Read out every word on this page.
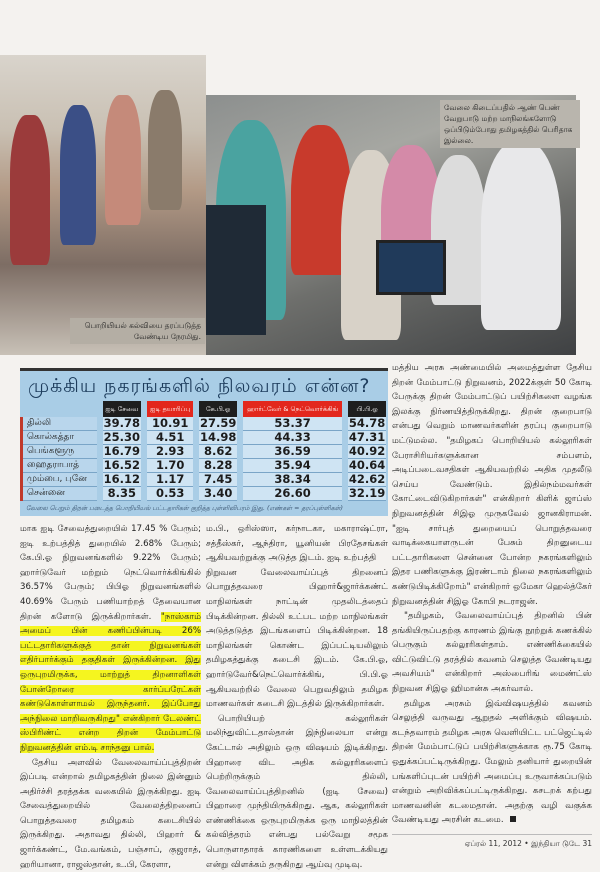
பொறியியல் கல்வியை தரப்படுத்த வேண்டிய நேரமிது.
வேலை கிடைப்பதில் ஆண் பெண் வேறுபாடு மற்ற மாநிலங்களோடு ஒப்பிடும்போது தமிழகத்தில் பெரிதாக இல்லை.
முக்கிய நகரங்களில் நிலவரம் என்ன?
	ஐடி சேவை	ஐடி தயாரிப்பு	கே.பி.ஓ	ஹார்ட்வேர் & நெட்வொர்க்கிங்	பி.பி.ஓ
தில்லி	39.78	10.91	27.59	53.37	54.78
கொல்கத்தா	25.30	4.51	14.98	44.33	47.31
பெங்களூரு	16.79	2.93	8.62	36.59	40.92
ஹைதராபாத்	16.52	1.70	8.28	35.94	40.64
மும்பை, புனே	16.12	1.17	7.45	38.34	42.62
சென்னை	8.35	0.53	3.40	26.60	32.19
வேலை பெறும் திறன் படைத்த பொறியியல் பட்டதாரிகள் குறித்த புள்ளிவிபரம் இது. (எண்கள் = தரப்புள்ளிகள்)

மாக ஐடி சேவைத்துறையில் 17.45 % பேரும்; ஐடி உற்பத்தித் துறையில் 2.68% பேரும்; கே.பி.ஓ நிறுவனங்களில் 9.22% பேரும்; ஹார்டுவேர் மற்றும் நெட்வொர்க்கிங்கில் 36.57% பேரும்; பிபிஓ நிறுவனங்களில் 40.69% பேரும் பணியாற்றத் தேவையான திறன் களோடு இருக்கிறார்கள். "நாஸ்காம் அமைப் பின் கணிப்பின்படி 26% பட்டதாரிகளுக்குத் தான் நிறுவனங்கள் எதிர்பார்க்கும் தகுதிகள் இருக்கின்றன. இது ஒருபுறமிருக்க, மாற்றுத் திறனாளிகள் போன்றோரை கார்ப்பரேட்கள் கண்டுகொள்ளாமல் இருந்தனர். இப்போது அந்நிலை மாறிவருகிறது" என்கிறார் டேலண்ட் ஸ்பிரிண்ட் என்ற திறன் மேம்பாட்டு நிறுவனத்தின் எம்.டி சாந்தனு பால்.

தேசிய அளவில் வேலைவாய்ப்புத்திறன் இப்படி என்றால் தமிழகத்தின் நிலை இன்னும் அதிர்ச்சி தரத்தக்க வகையில் இருக்கிறது. ஐடி சேவைத்துறையில் வேலைத்திறனைப் பொறுத்தவரை தமிழகம் கடைசியில் இருக்கிறது. அதாவது தில்லி, பிஹார் & ஜார்க்கண்ட், மே.வங்கம், பஞ்சாப், குஜராத், ஹரியானா, ராஜஸ்தான், உ.பி, கேரளா,

ம.பி., ஒரிஸ்ஸா, கர்நாடகா, மகாராஷ்ட்ரா, சத்தீஸ்கர், ஆந்திரா, யூனியன் பிரதேசங்கள் ஆகியவற்றுக்கு அடுத்த இடம். ஐடி உற்பத்தி

நிறுவன வேலைவாய்ப்புத் திறனைப் பொறுத்தவரை பிஹார்&ஜார்க்கண்ட் மாநிலங்கள் நாட்டின் முதலிடத்தைப் பிடிக்கின்றன. தில்லி உட்பட மற்ற மாநிலங்கள் அடுத்தடுத்த இடங்களைப் பிடிக்கின்றன. 18 மாநிலங்கள் கொண்ட இப்பட்டியலிலும் தமிழகத்துக்கு கடைசி இடம். கே.பி.ஓ, ஹார்டுவேர்&நெட்வொர்க்கிங், பி.பி.ஓ ஆகியவற்றில் வேலை பெறுவதிலும் தமிழக மாணவர்கள் கடைசி இடத்தில் இருக்கிறார்கள்.

பொறியியற் கல்லூரிகள் மலிந்துவிட்டதால்தான் இந்நிலையா என்று கேட்டால் அதிலும் ஒரு விஷயம் இடிக்கிறது. பிஹாரை விட அதிக கல்லூரிகளைப் பெற்றிருக்கும் தில்லி, வேலைவாய்ப்புத்திறனில் (ஐடி சேவை) பிஹாரை முந்தியிருக்கிறது. ஆக, கல்லூரிகள் எண்ணிக்கை ஒருபுறமிருக்க ஒரு மாநிலத்தின் கல்வித்தரம் என்பது பல்வேறு சமூக பொருளாதாரக் காரணிகளை உள்ளடக்கியது என்று விளக்கம் தருகிறது ஆய்வு முடிவு.

மத்திய அரசு அண்மையில் அமைத்துள்ள தேசிய திறன் மேம்பாட்டு நிறுவனம், 2022க்குள் 50 கோடி பேருக்கு திறன் மேம்பாட்டுப் பயிற்சிகளை வழங்க இலக்கு நிர்ணயித்திருக்கிறது. திறன் குறைபாடு என்பது வெறும் மாணவர்களின் தரப்பு குறைபாடு மட்டுமல்ல. "தமிழகப் பொறியியல் கல்லூரிகள் பேராசிரியர்களுக்கான சம்பளம், அடிப்படைவசதிகள் ஆகியவற்றில் அதிக முதலீடு செய்ய வேண்டும். இதில்நம்மவர்கள் கோட்டைவிடுகிறார்கள்" என்கிறார் கிளிக் ஜாப்ஸ் நிறுவனத்தின் சிஇஓ முருகவேல் ஜானகிராமன். "ஐடி சார்புத் துறையைப் பொறுத்தவரை வாடிக்கையாளருடன் பேசும் திறனுடைய பட்டதாரிகளை சென்னை போன்ற நகரங்களிலும் இதர பணிகளுக்கு இரண்டாம் நிலை நகரங்களிலும் கண்டுபிடிக்கிறோம்" என்கிறார் ஒமேகா ஹெல்த்கேர் நிறுவனத்தின் சிஇஓ கோபி நடராஜன்.

"தமிழகம், வேலைவாய்ப்புத் திறனில் பின் தங்கியிருப்பதற்கு காரணம் இங்கு நூற்றுக் கணக்கில் பெருகும் கல்லூரிகள்தாம். எண்ணிக்கையில் விட்டுவிட்டு தரத்தில் கவனம் செலுத்த வேண்டியது அவசியம்" என்கிறார் அஸ்பைரிங் மைண்ட்ஸ் நிறுவன சிஇஓ ஹிமான்சு அகர்வால்.

தமிழக அரசும் இவ்விஷயத்தில் கவனம் செலுத்தி வருவது ஆறுதல் அளிக்கும் விஷயம். கடந்தவாரம் தமிழக அரசு வெளியிட்ட பட்ஜெட்டில் திறன் மேம்பாட்டுப் பயிற்சிகளுக்காக ரூ.75 கோடி ஒதுக்கப்பட்டிருக்கிறது. மேலும் தனியார் துறையின் பங்களிப்புடன் பயிற்சி அமைப்பு உருவாக்கப்படும் என்றும் அறிவிக்கப்பட்டிருக்கிறது. கசடறக் கற்பது மாணவனின் கடமைதான். அதற்கு வழி வகுக்க வேண்டியது அரசின் கடமை.

ஏப்ரல் 11, 2012 • இந்தியா டுடே 31
